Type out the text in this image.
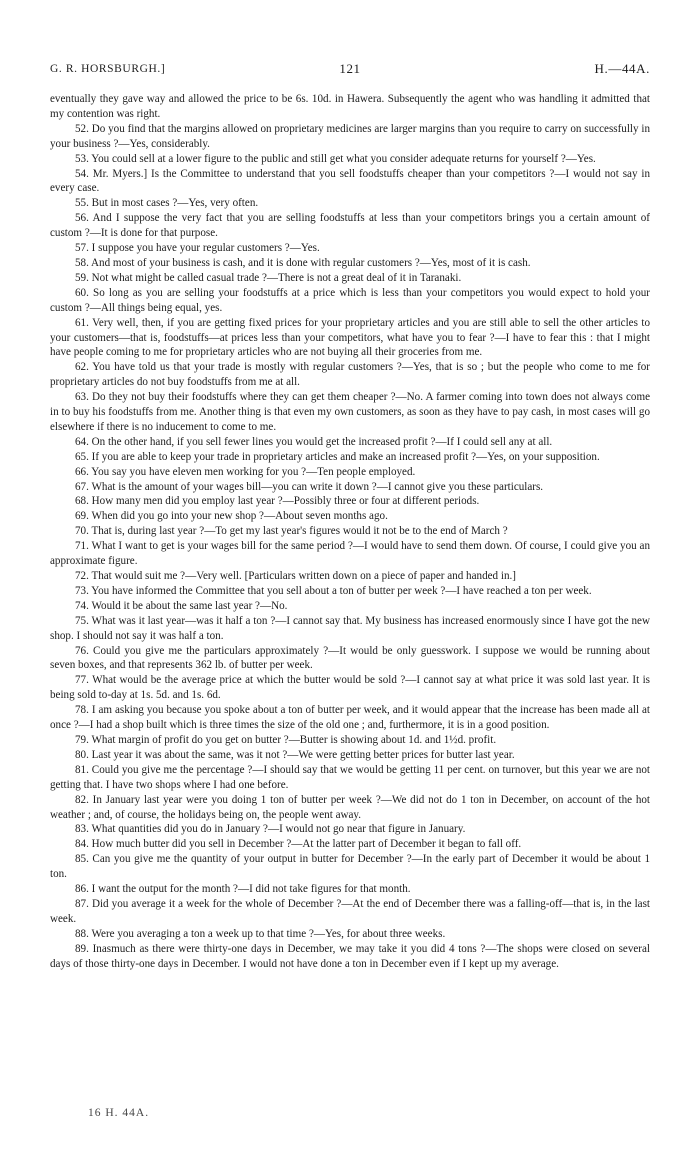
G. R. HORSBURGH.]	121	H.—44A.

eventually they gave way and allowed the price to be 6s. 10d. in Hawera. Subsequently the agent who was handling it admitted that my contention was right.

52. Do you find that the margins allowed on proprietary medicines are larger margins than you require to carry on successfully in your business ?—Yes, considerably.

53. You could sell at a lower figure to the public and still get what you consider adequate returns for yourself ?—Yes.

54. Mr. Myers.] Is the Committee to understand that you sell foodstuffs cheaper than your competitors ?—I would not say in every case.

55. But in most cases ?—Yes, very often.

56. And I suppose the very fact that you are selling foodstuffs at less than your competitors brings you a certain amount of custom ?—It is done for that purpose.

57. I suppose you have your regular customers ?—Yes.

58. And most of your business is cash, and it is done with regular customers ?—Yes, most of it is cash.

59. Not what might be called casual trade ?—There is not a great deal of it in Taranaki.

60. So long as you are selling your foodstuffs at a price which is less than your competitors you would expect to hold your custom ?—All things being equal, yes.

61. Very well, then, if you are getting fixed prices for your proprietary articles and you are still able to sell the other articles to your customers—that is, foodstuffs—at prices less than your competitors, what have you to fear ?—I have to fear this : that I might have people coming to me for proprietary articles who are not buying all their groceries from me.

62. You have told us that your trade is mostly with regular customers ?—Yes, that is so ; but the people who come to me for proprietary articles do not buy foodstuffs from me at all.

63. Do they not buy their foodstuffs where they can get them cheaper ?—No. A farmer coming into town does not always come in to buy his foodstuffs from me. Another thing is that even my own customers, as soon as they have to pay cash, in most cases will go elsewhere if there is no inducement to come to me.

64. On the other hand, if you sell fewer lines you would get the increased profit ?—If I could sell any at all.

65. If you are able to keep your trade in proprietary articles and make an increased profit ?—Yes, on your supposition.

66. You say you have eleven men working for you ?—Ten people employed.

67. What is the amount of your wages bill—you can write it down ?—I cannot give you these particulars.

68. How many men did you employ last year ?—Possibly three or four at different periods.

69. When did you go into your new shop ?—About seven months ago.

70. That is, during last year ?—To get my last year's figures would it not be to the end of March ?

71. What I want to get is your wages bill for the same period ?—I would have to send them down. Of course, I could give you an approximate figure.

72. That would suit me ?—Very well. [Particulars written down on a piece of paper and handed in.]

73. You have informed the Committee that you sell about a ton of butter per week ?—I have reached a ton per week.

74. Would it be about the same last year ?—No.

75. What was it last year—was it half a ton ?—I cannot say that. My business has increased enormously since I have got the new shop. I should not say it was half a ton.

76. Could you give me the particulars approximately ?—It would be only guesswork. I suppose we would be running about seven boxes, and that represents 362 lb. of butter per week.

77. What would be the average price at which the butter would be sold ?—I cannot say at what price it was sold last year. It is being sold to-day at 1s. 5d. and 1s. 6d.

78. I am asking you because you spoke about a ton of butter per week, and it would appear that the increase has been made all at once ?—I had a shop built which is three times the size of the old one ; and, furthermore, it is in a good position.

79. What margin of profit do you get on butter ?—Butter is showing about 1d. and 1½d. profit.

80. Last year it was about the same, was it not ?—We were getting better prices for butter last year.

81. Could you give me the percentage ?—I should say that we would be getting 11 per cent. on turnover, but this year we are not getting that. I have two shops where I had one before.

82. In January last year were you doing 1 ton of butter per week ?—We did not do 1 ton in December, on account of the hot weather ; and, of course, the holidays being on, the people went away.

83. What quantities did you do in January ?—I would not go near that figure in January.

84. How much butter did you sell in December ?—At the latter part of December it began to fall off.

85. Can you give me the quantity of your output in butter for December ?—In the early part of December it would be about 1 ton.

86. I want the output for the month ?—I did not take figures for that month.

87. Did you average it a week for the whole of December ?—At the end of December there was a falling-off—that is, in the last week.

88. Were you averaging a ton a week up to that time ?—Yes, for about three weeks.

89. Inasmuch as there were thirty-one days in December, we may take it you did 4 tons ?—The shops were closed on several days of those thirty-one days in December. I would not have done a ton in December even if I kept up my average.

16 H. 44A.
